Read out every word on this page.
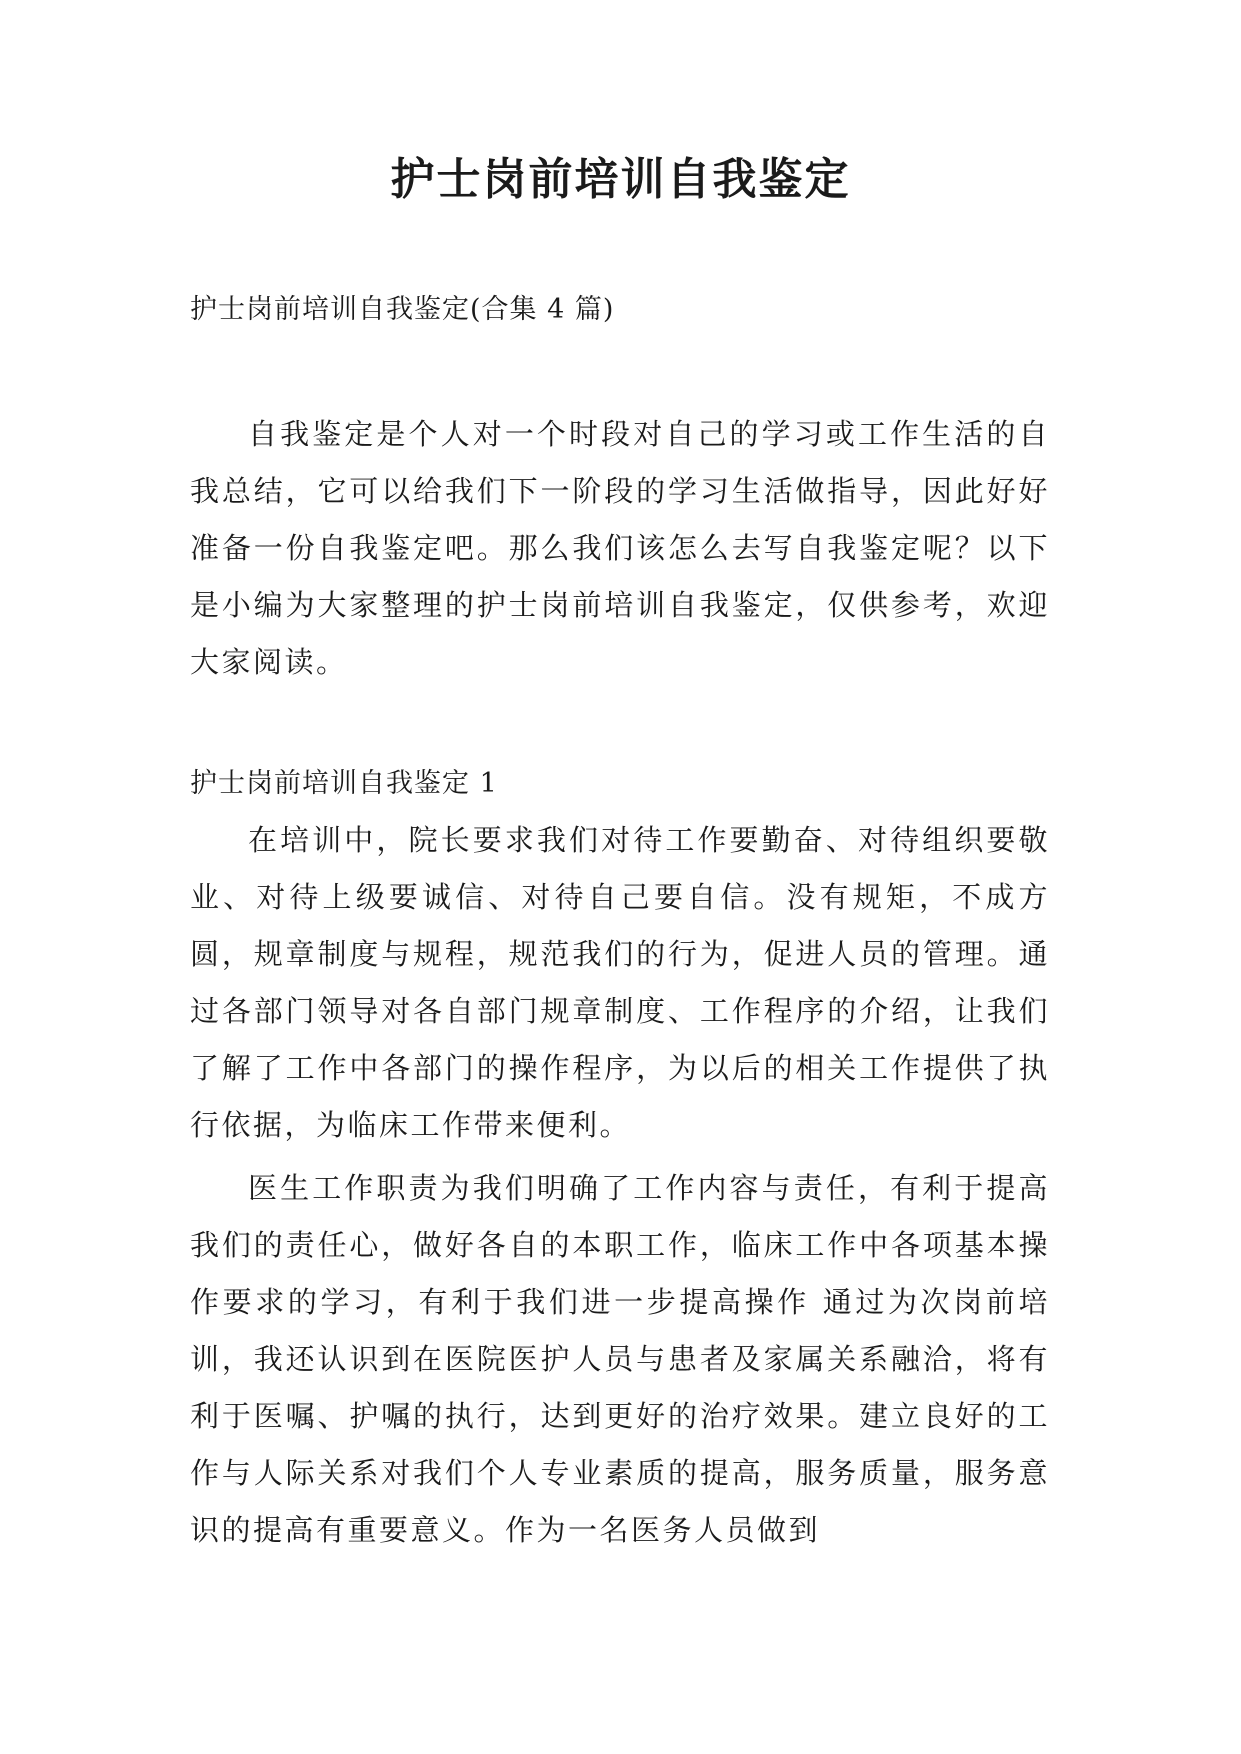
护士岗前培训自我鉴定

护士岗前培训自我鉴定(合集 4 篇)

自我鉴定是个人对一个时段对自己的学习或工作生活的自我总结，它可以给我们下一阶段的学习生活做指导，因此好好准备一份自我鉴定吧。那么我们该怎么去写自我鉴定呢？以下是小编为大家整理的护士岗前培训自我鉴定，仅供参考，欢迎大家阅读。

护士岗前培训自我鉴定 1

在培训中，院长要求我们对待工作要勤奋、对待组织要敬业、对待上级要诚信、对待自己要自信。没有规矩，不成方圆，规章制度与规程，规范我们的行为，促进人员的管理。通过各部门领导对各自部门规章制度、工作程序的介绍，让我们了解了工作中各部门的操作程序，为以后的相关工作提供了执行依据，为临床工作带来便利。

医生工作职责为我们明确了工作内容与责任，有利于提高我们的责任心，做好各自的本职工作，临床工作中各项基本操作要求的学习，有利于我们进一步提高操作 通过为次岗前培训，我还认识到在医院医护人员与患者及家属关系融洽，将有利于医嘱、护嘱的执行，达到更好的治疗效果。建立良好的工作与人际关系对我们个人专业素质的提高，服务质量，服务意识的提高有重要意义。作为一名医务人员做到
